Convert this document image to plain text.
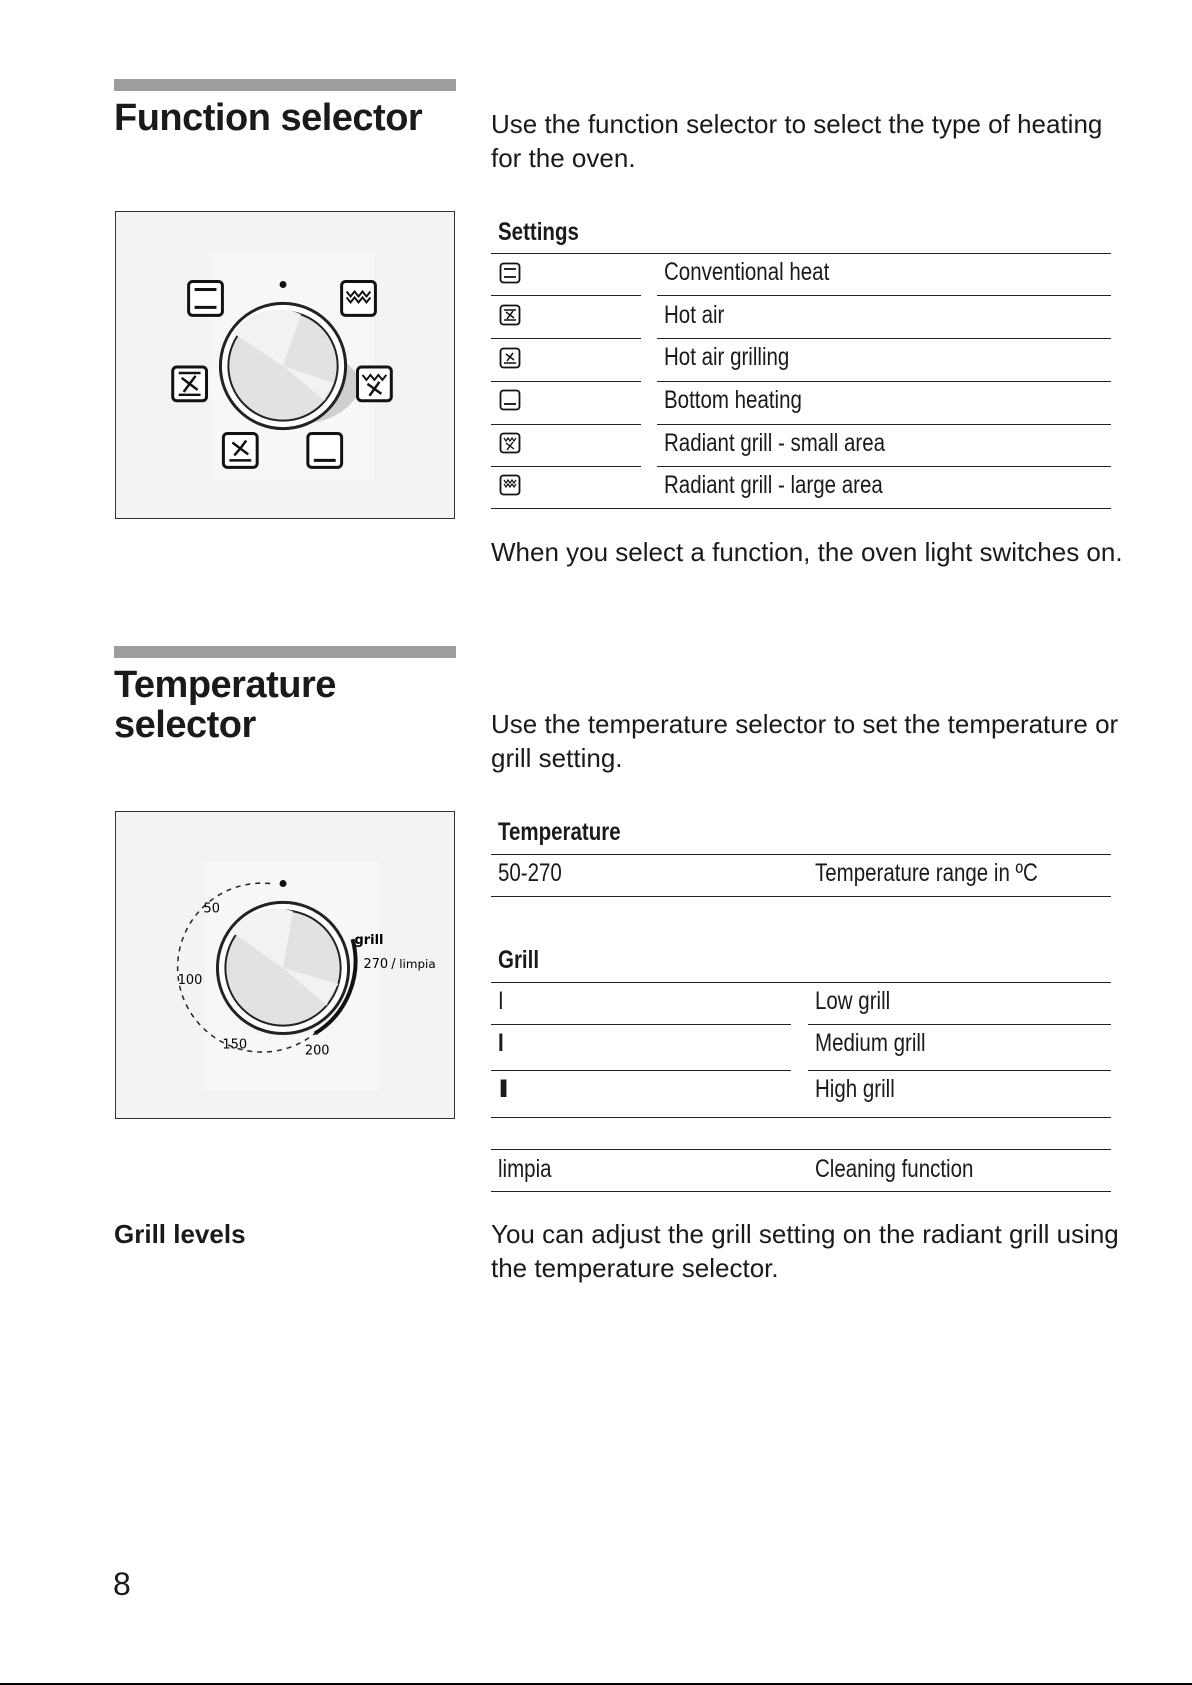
Function selector	Use the function selector to select the type of heating for the oven.
Settings
Conventional heat
Hot air
Hot air grilling
Bottom heating
Radiant grill - small area
Radiant grill - large area
When you select a function, the oven light switches on.
Temperature
selector	Use the temperature selector to set the temperature or grill setting.
50
100
150	200
grill
270 / limpia
Temperature
50-270	Temperature range in ºC
Grill
I	Low grill
I	Medium grill
I	High grill
limpia	Cleaning function
Grill levels	You can adjust the grill setting on the radiant grill using the temperature selector.
8
